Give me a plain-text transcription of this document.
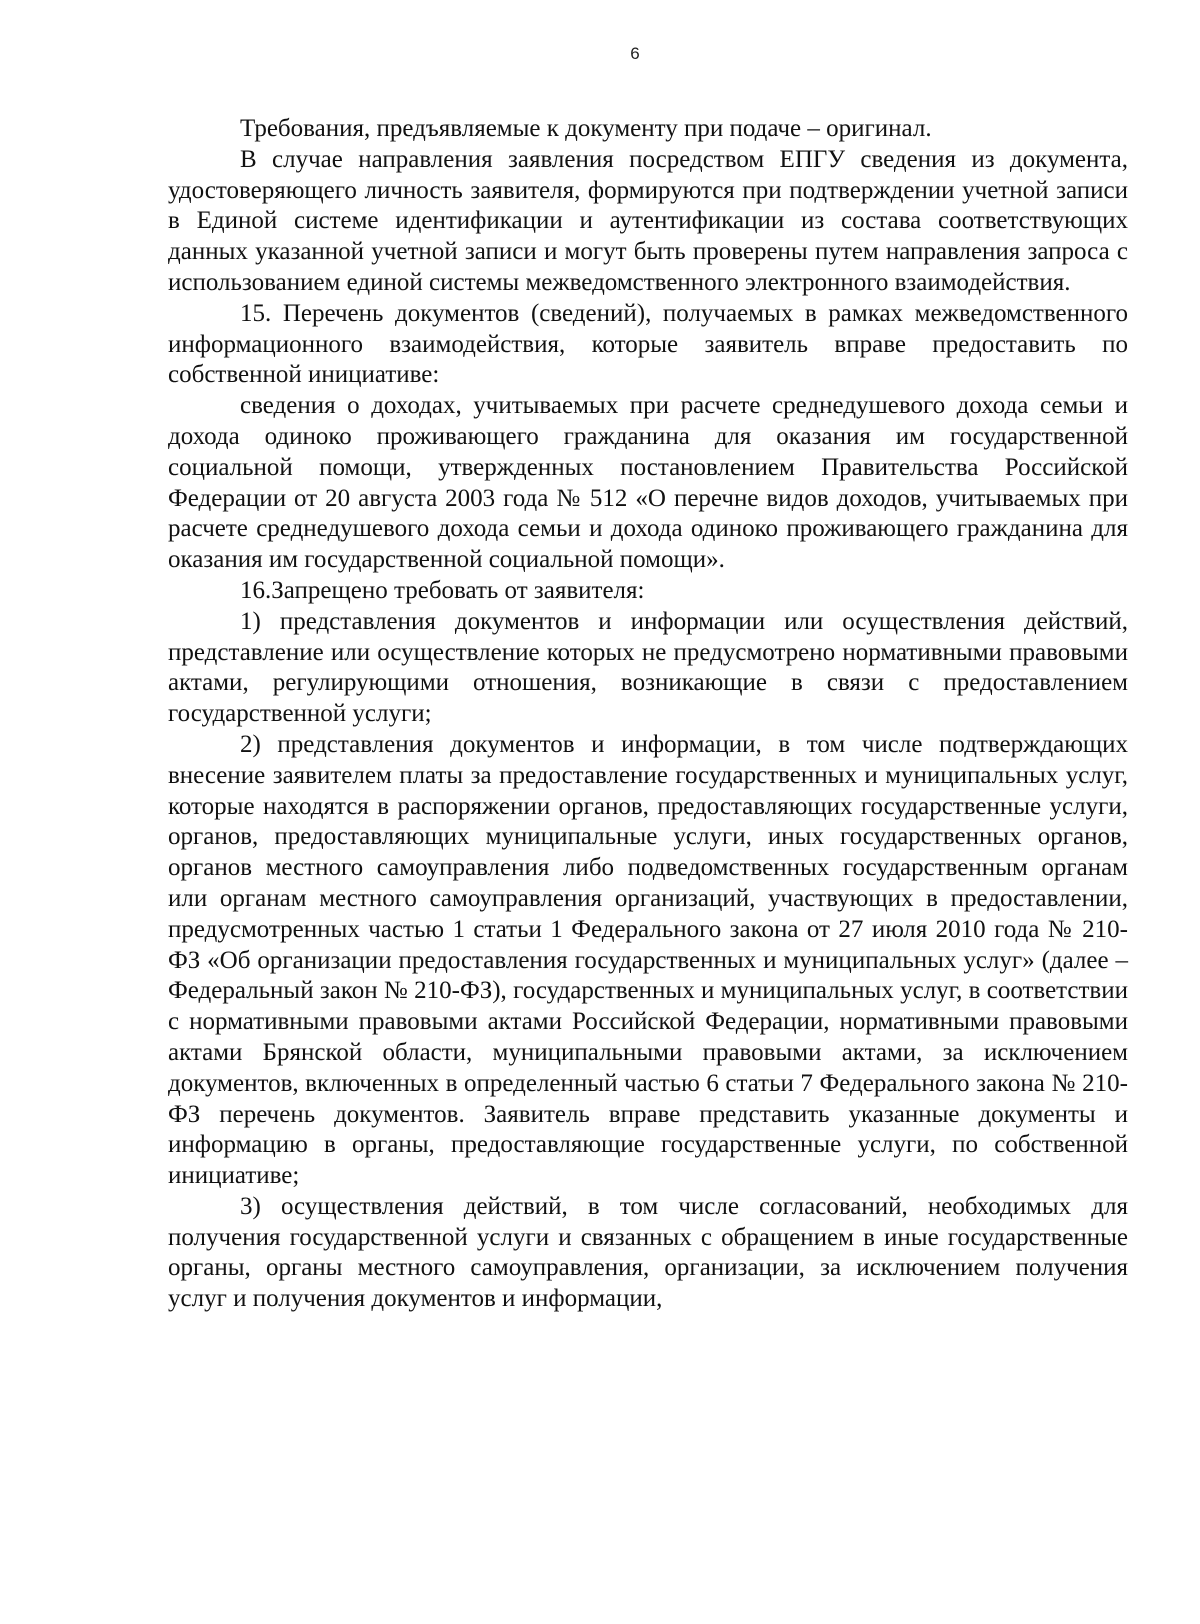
6

Требования, предъявляемые к документу при подаче – оригинал.

В случае направления заявления посредством ЕПГУ сведения из документа, удостоверяющего личность заявителя, формируются при подтверждении учетной записи в Единой системе идентификации и аутентификации из состава соответствующих данных указанной учетной записи и могут быть проверены путем направления запроса с использованием единой системы межведомственного электронного взаимодействия.

15. Перечень документов (сведений), получаемых в рамках межведомственного информационного взаимодействия, которые заявитель вправе предоставить по собственной инициативе:

сведения о доходах, учитываемых при расчете среднедушевого дохода семьи и дохода одиноко проживающего гражданина для оказания им государственной социальной помощи, утвержденных постановлением Правительства Российской Федерации от 20 августа 2003 года № 512 «О перечне видов доходов, учитываемых при расчете среднедушевого дохода семьи и дохода одиноко проживающего гражданина для оказания им государственной социальной помощи».

16.Запрещено требовать от заявителя:

1) представления документов и информации или осуществления действий, представление или осуществление которых не предусмотрено нормативными правовыми актами, регулирующими отношения, возникающие в связи с предоставлением государственной услуги;

2) представления документов и информации, в том числе подтверждающих внесение заявителем платы за предоставление государственных и муниципальных услуг, которые находятся в распоряжении органов, предоставляющих государственные услуги, органов, предоставляющих муниципальные услуги, иных государственных органов, органов местного самоуправления либо подведомственных государственным органам или органам местного самоуправления организаций, участвующих в предоставлении, предусмотренных частью 1 статьи 1 Федерального закона от 27 июля 2010 года № 210-ФЗ «Об организации предоставления государственных и муниципальных услуг» (далее – Федеральный закон № 210-ФЗ), государственных и муниципальных услуг, в соответствии с нормативными правовыми актами Российской Федерации, нормативными правовыми актами Брянской области, муниципальными правовыми актами, за исключением документов, включенных в определенный частью 6 статьи 7 Федерального закона № 210-ФЗ перечень документов. Заявитель вправе представить указанные документы и информацию в органы, предоставляющие государственные услуги, по собственной инициативе;

3) осуществления действий, в том числе согласований, необходимых для получения государственной услуги и связанных с обращением в иные государственные органы, органы местного самоуправления, организации, за исключением получения услуг и получения документов и информации,
